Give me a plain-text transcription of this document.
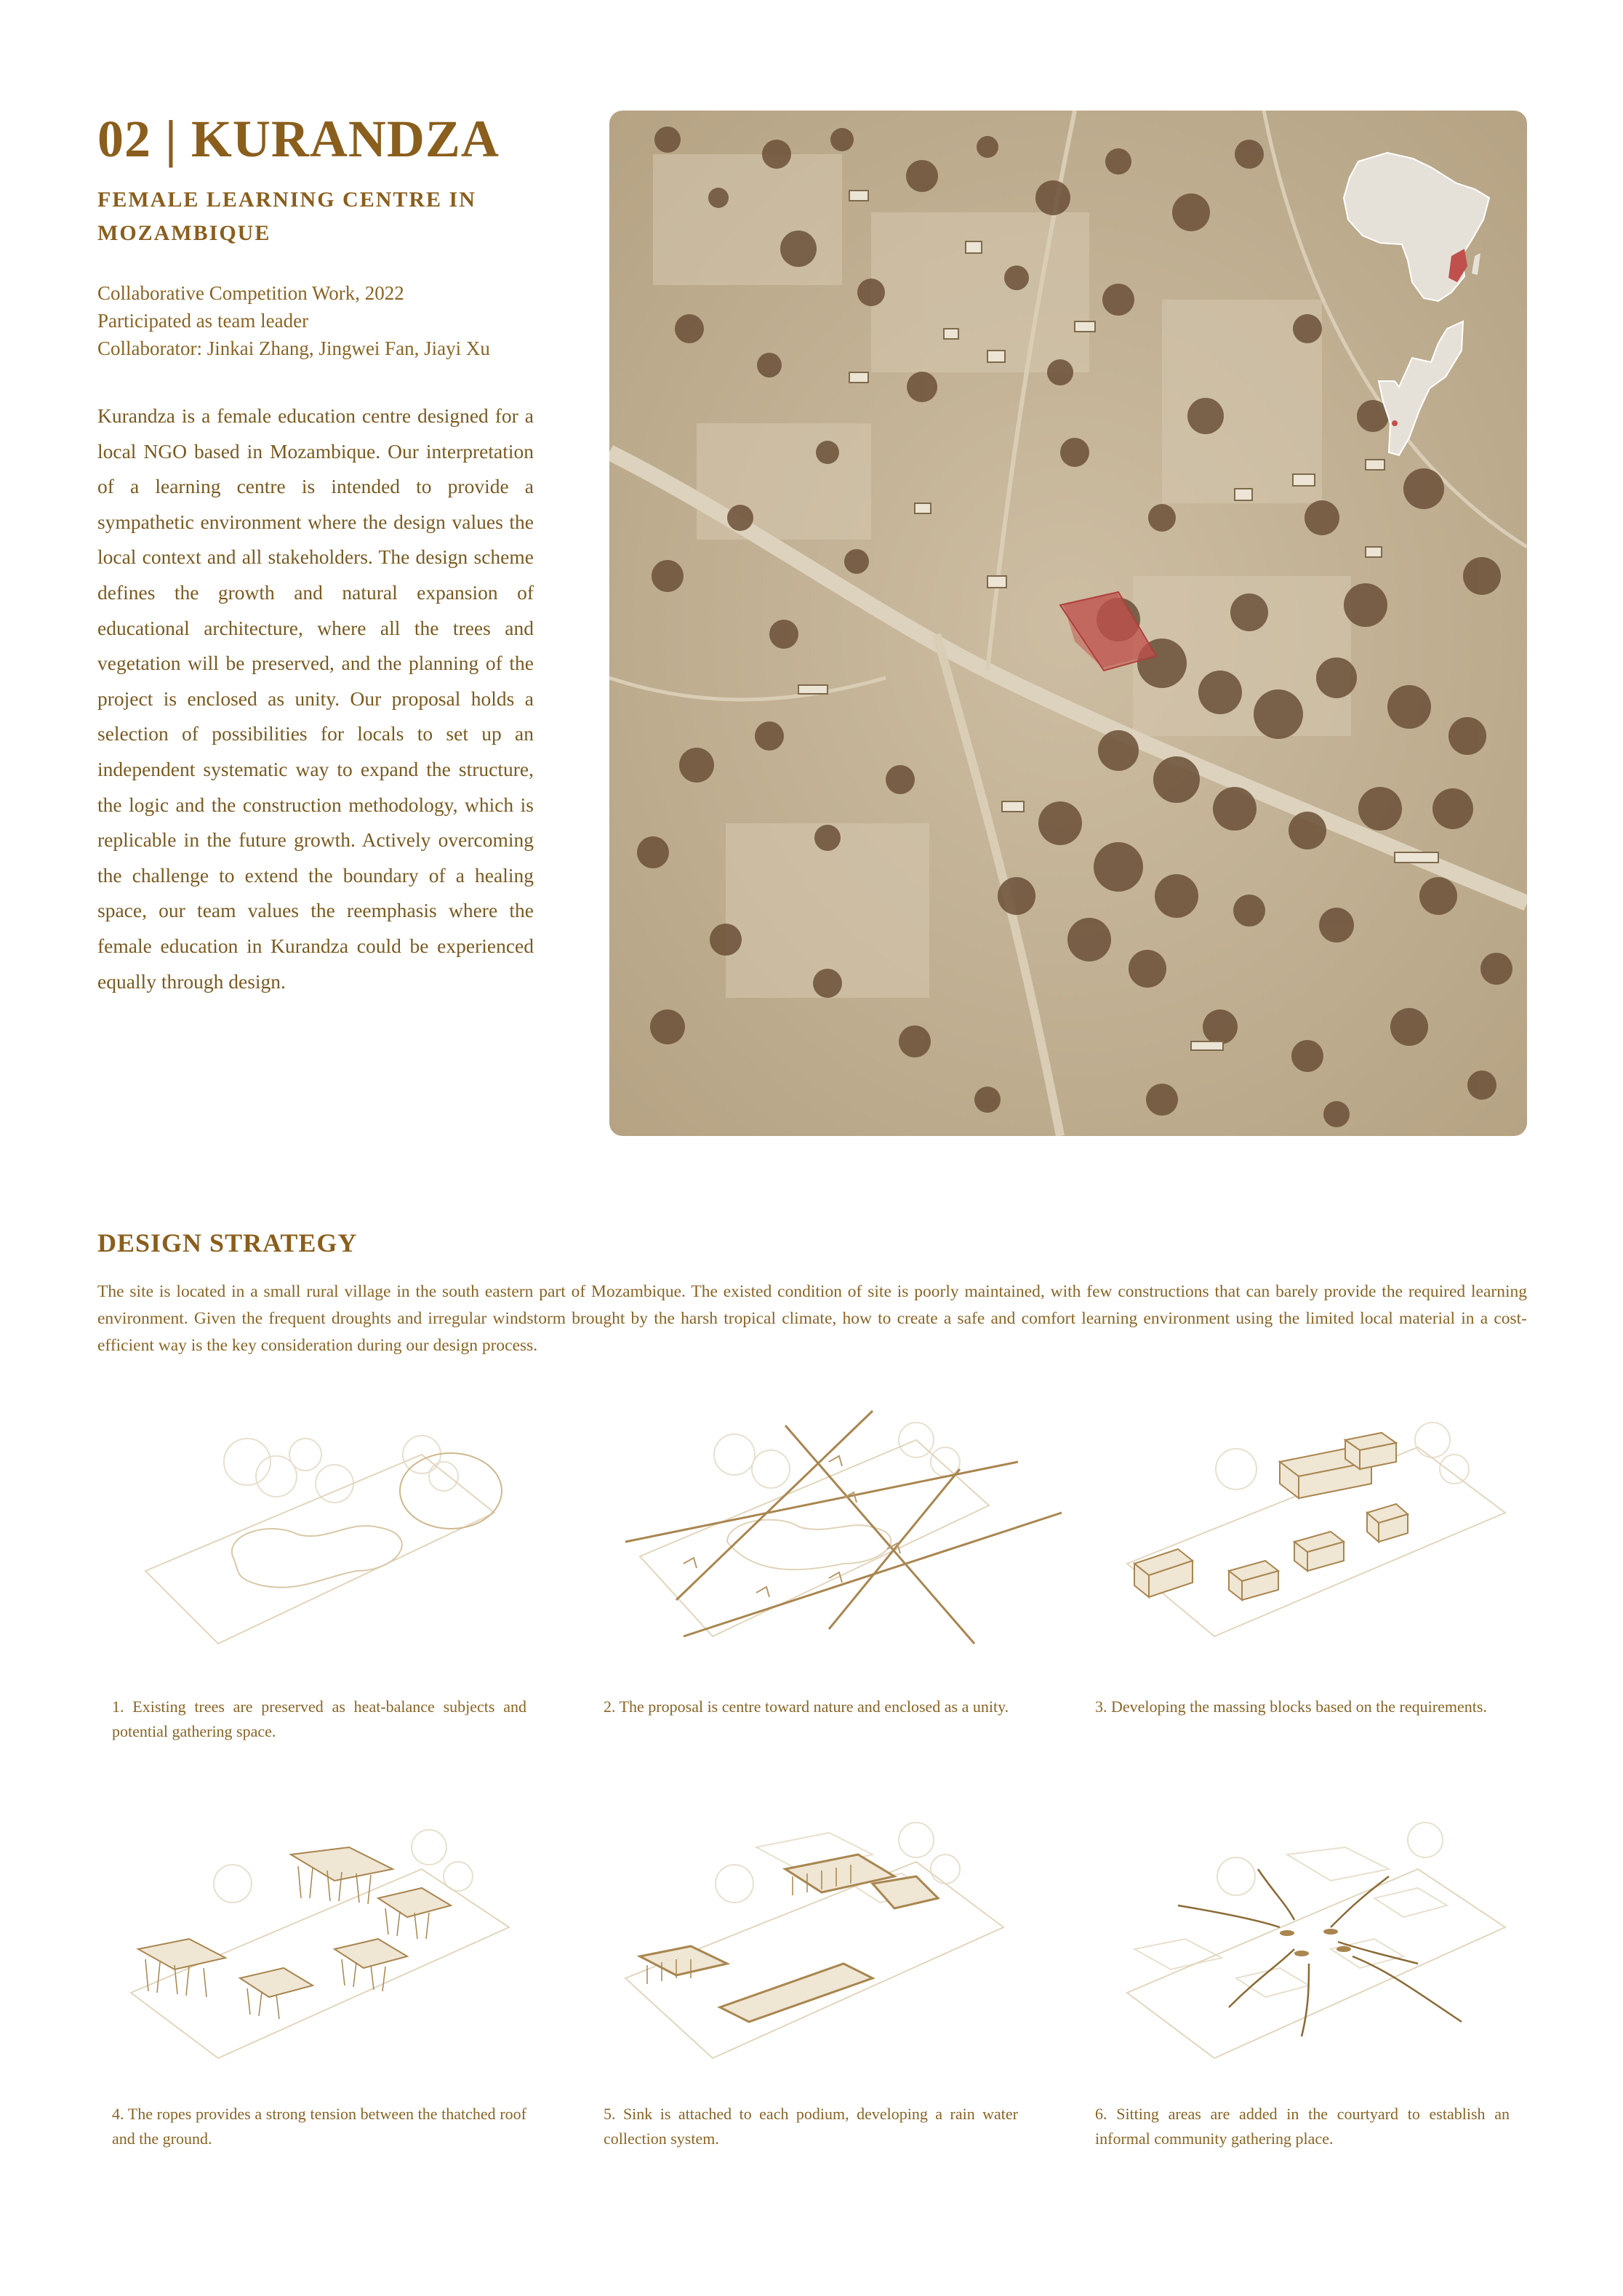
02 | KURANDZA
FEMALE LEARNING CENTRE IN MOZAMBIQUE
Collaborative Competition Work, 2022
Participated as team leader
Collaborator: Jinkai Zhang, Jingwei Fan, Jiayi Xu

Kurandza is a female education centre designed for a local NGO based in Mozambique. Our interpretation of a learning centre is intended to provide a sympathetic environment where the design values the local context and all stakeholders. The design scheme defines the growth and natural expansion of educational architecture, where all the trees and vegetation will be preserved, and the planning of the project is enclosed as unity. Our proposal holds a selection of possibilities for locals to set up an independent systematic way to expand the structure, the logic and the construction methodology, which is replicable in the future growth. Actively overcoming the challenge to extend the boundary of a healing space, our team values the reemphasis where the female education in Kurandza could be experienced equally through design.

DESIGN STRATEGY

The site is located in a small rural village in the south eastern part of Mozambique. The existed condition of site is poorly maintained, with few constructions that can barely provide the required learning environment. Given the frequent droughts and irregular windstorm brought by the harsh tropical climate, how to create a safe and comfort learning environment using the limited local material in a cost-efficient way is the key consideration during our design process.

1. Existing trees are preserved as heat-balance subjects and potential gathering space.

2. The proposal is centre toward nature and enclosed as a unity.	3. Developing the massing blocks based on the requirements.

4. The ropes provides a strong tension between the thatched roof and the ground.

5. Sink is attached to each podium, developing a rain water collection system.

6. Sitting areas are added in the courtyard to establish an informal community gathering place.
